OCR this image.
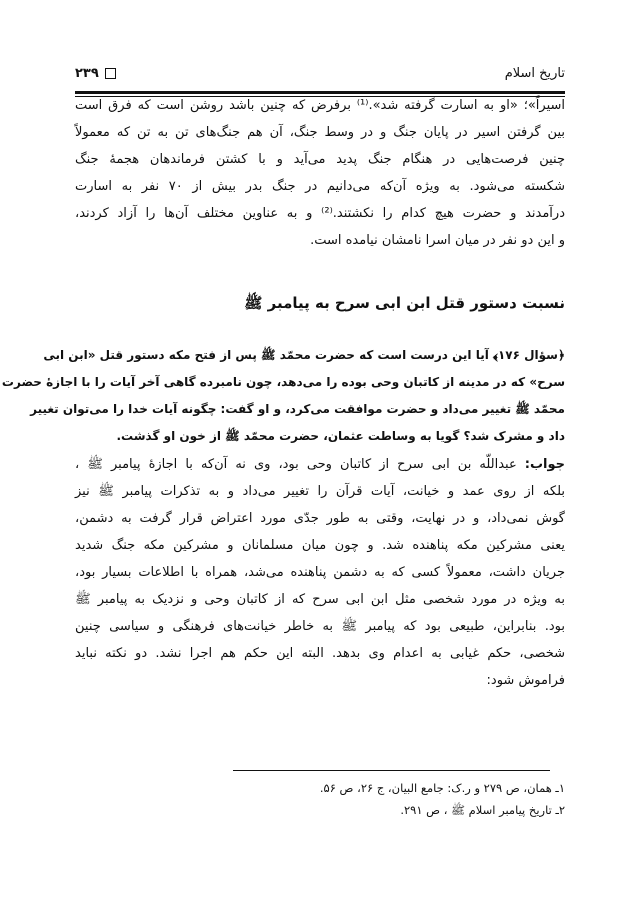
تاریخ اسلام
۲۳۹
اسیراً»؛ «او به اسارت گرفته شد».⁽¹⁾ برفرض که چنین باشد روشن است که فرق است
بین گرفتن اسیر در پایان جنگ و در وسط جنگ، آن هم جنگ‌های تن به تن که معمولاً
چنین فرصت‌هایی در هنگام جنگ پدید می‌آید و با کشتن فرماندهان هجمهٔ جنگ
شکسته می‌شود. به ویژه آن‌که می‌دانیم در جنگ بدر بیش از ۷۰ نفر به اسارت
درآمدند و حضرت هیچ کدام را نکشتند.⁽²⁾ و به عناوین مختلف آن‌ها را آزاد کردند،
و این دو نفر در میان اسرا نامشان نیامده است.
نسبت دستور قتل ابن ابی سرح به پیامبر ﷺ
﴿سؤال ۱۷۶﴾ آیا این درست است که حضرت محمّد ﷺ پس از فتح مکه دستور قتل «ابن ابی
سرح» که در مدینه از کاتبان وحی بوده را می‌دهد، چون نامبرده گاهی آخر آیات را با اجازهٔ حضرت
محمّد ﷺ تغییر می‌داد و حضرت موافقت می‌کرد، و او گفت: چگونه آیات خدا را می‌توان تغییر
داد و مشرک شد؟ گویا به وساطت عثمان، حضرت محمّد ﷺ از خون او گذشت.
جواب: عبداللّه بن ابی سرح از کاتبان وحی بود، وی نه آن‌که با اجازهٔ پیامبر ﷺ ،
بلکه از روی عمد و خیانت، آیات قرآن را تغییر می‌داد و به تذکرات پیامبر ﷺ نیز
گوش نمی‌داد، و در نهایت، وقتی به طور جدّی مورد اعتراض قرار گرفت به دشمن،
یعنی مشرکین مکه پناهنده شد. و چون میان مسلمانان و مشرکین مکه جنگ شدید
جریان داشت، معمولاً کسی که به دشمن پناهنده می‌شد، همراه با اطلاعات بسیار بود،
به ویژه در مورد شخصی مثل ابن ابی سرح که از کاتبان وحی و نزدیک به پیامبر ﷺ
بود. بنابراین، طبیعی بود که پیامبر ﷺ به خاطر خیانت‌های فرهنگی و سیاسی چنین
شخصی، حکم غیابی به اعدام وی بدهد. البته این حکم هم اجرا نشد. دو نکته نباید
فراموش شود:
۱ـ همان، ص ۲۷۹ و ر.ک: جامع البیان، ج ۲۶، ص ۵۶.
۲ـ تاریخ پیامبر اسلام ﷺ ، ص ۲۹۱.
